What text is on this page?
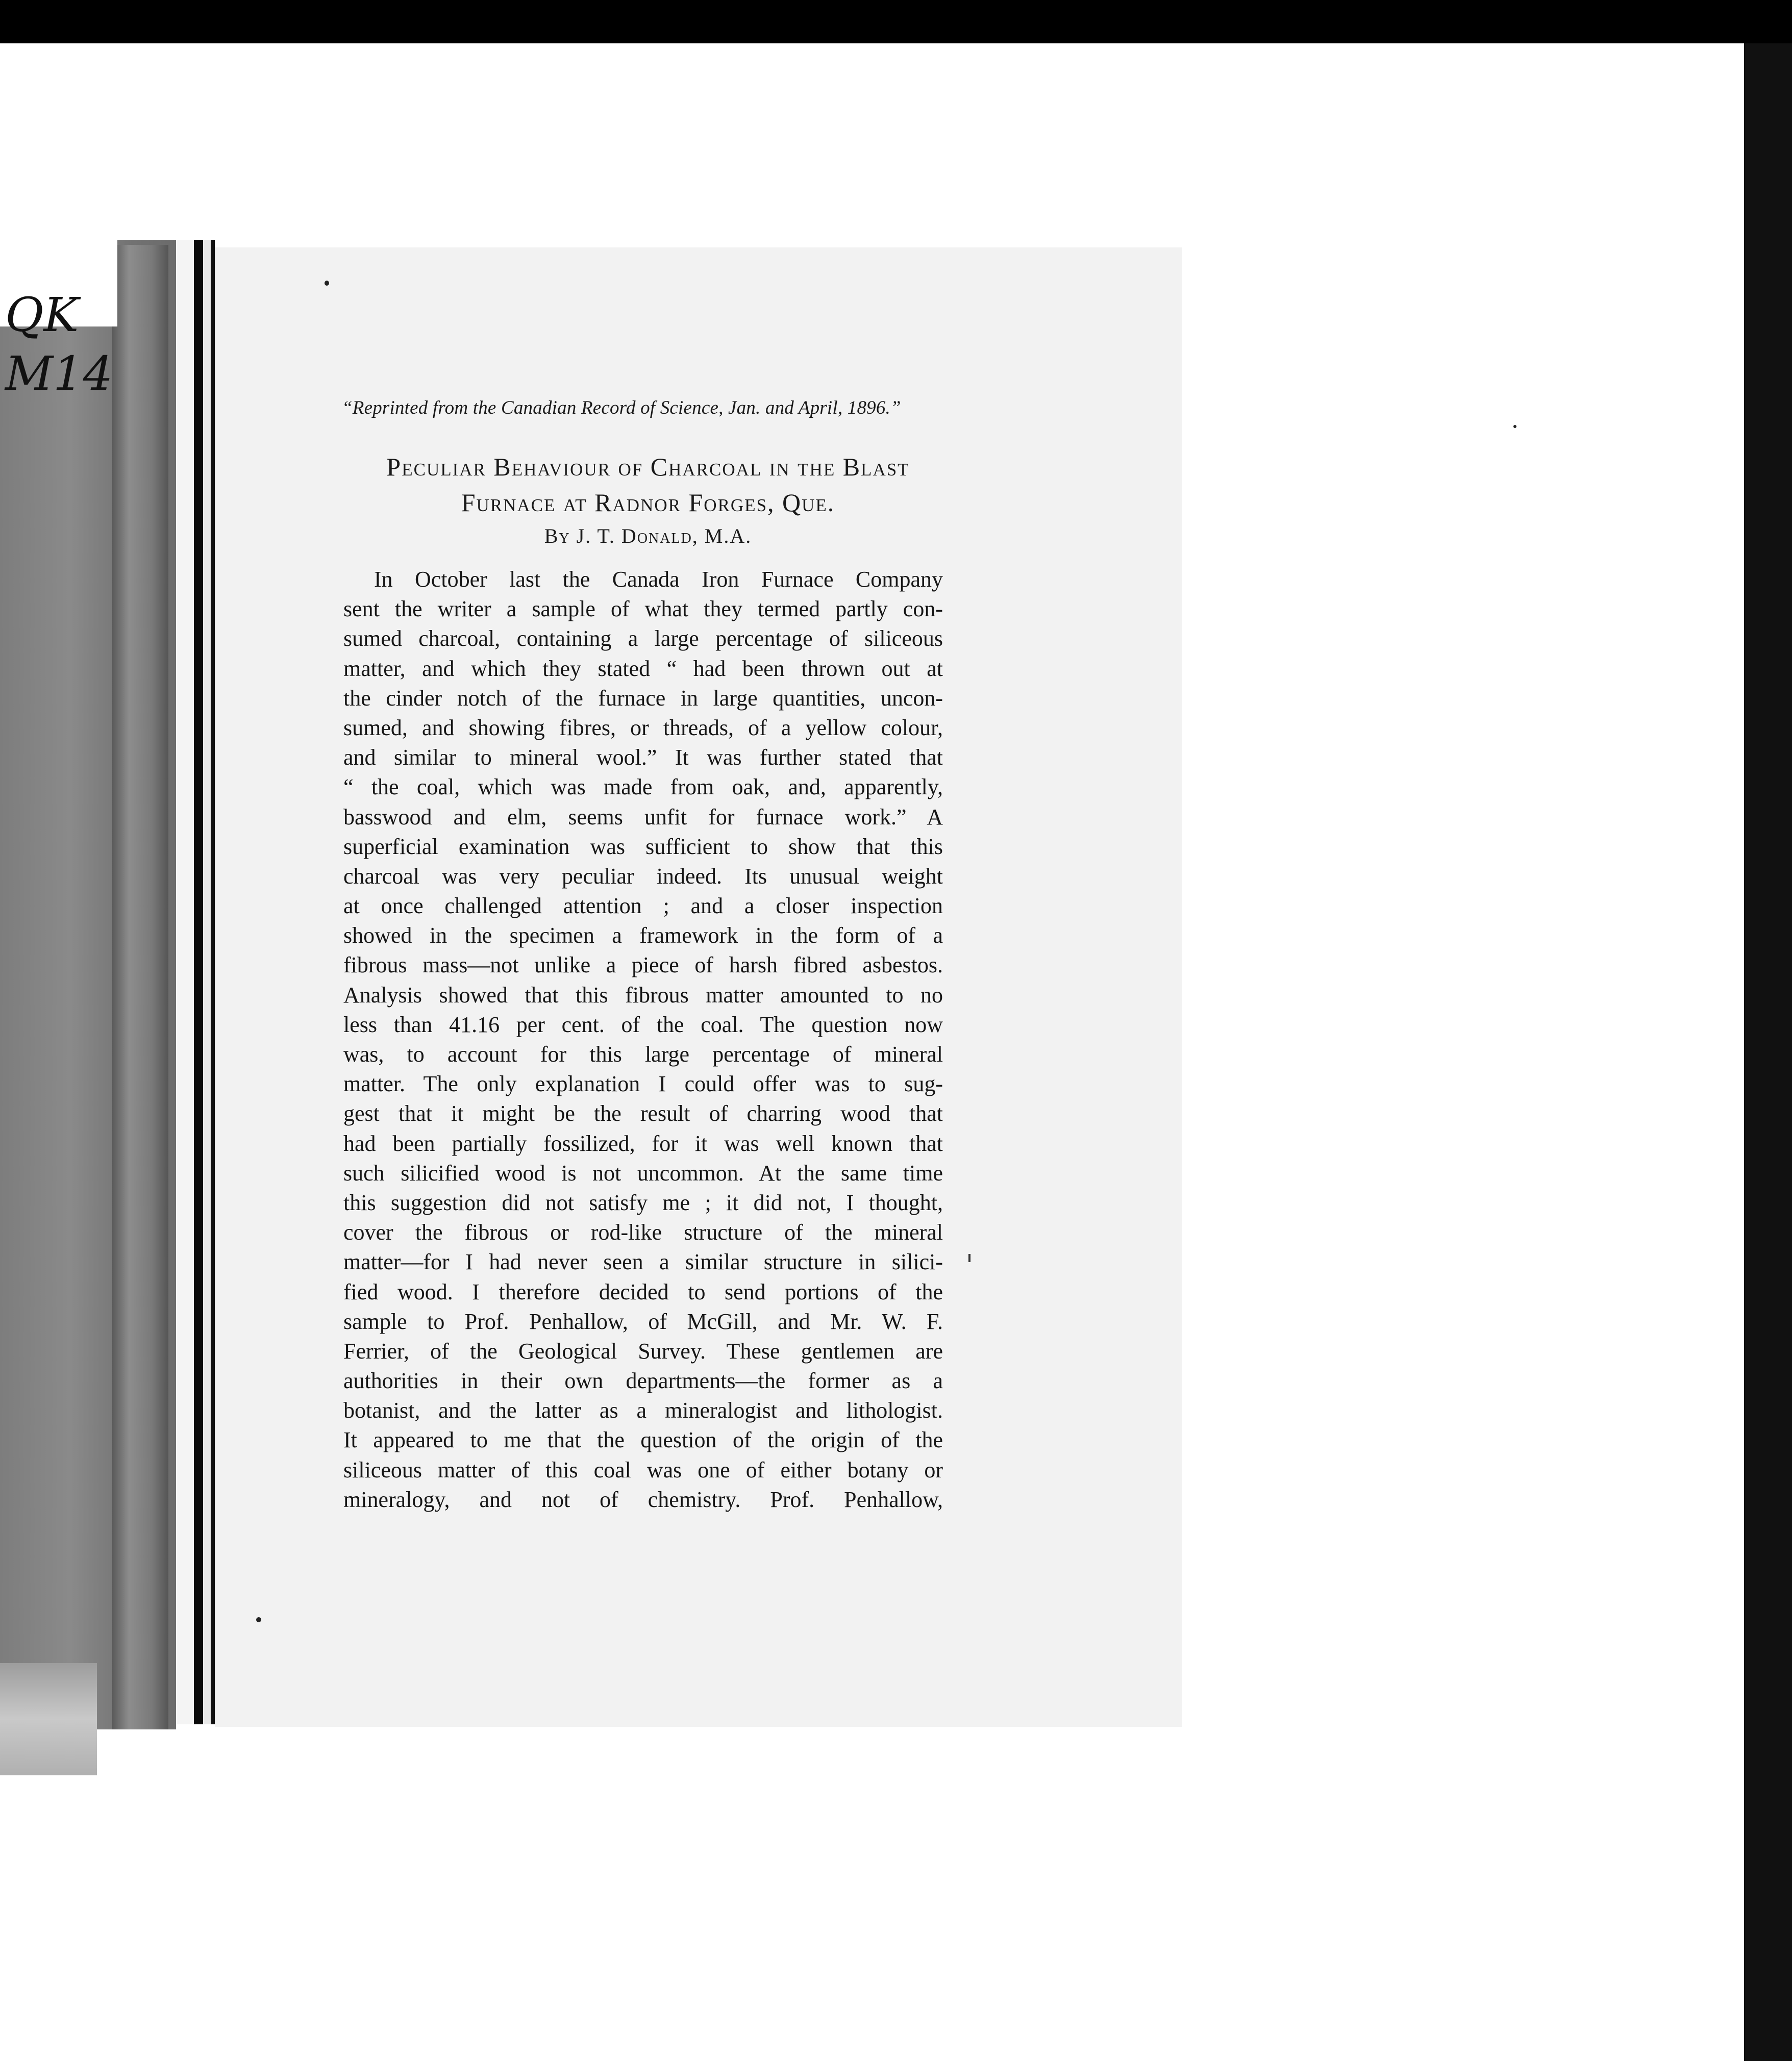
QK
M14
“Reprinted from the Canadian Record of Science, Jan. and April, 1896.”
Peculiar Behaviour of Charcoal in the Blast
Furnace at Radnor Forges, Que.
By J. T. Donald, M.A.
In October last the Canada Iron Furnace Company
sent the writer a sample of what they termed partly con-
sumed charcoal, containing a large percentage of siliceous
matter, and which they stated “ had been thrown out at
the cinder notch of the furnace in large quantities, uncon-
sumed, and showing fibres, or threads, of a yellow colour,
and similar to mineral wool.” It was further stated that
“ the coal, which was made from oak, and, apparently,
basswood and elm, seems unfit for furnace work.” A
superficial examination was sufficient to show that this
charcoal was very peculiar indeed. Its unusual weight
at once challenged attention ; and a closer inspection
showed in the specimen a framework in the form of a
fibrous mass—not unlike a piece of harsh fibred asbestos.
Analysis showed that this fibrous matter amounted to no
less than 41.16 per cent. of the coal. The question now
was, to account for this large percentage of mineral
matter. The only explanation I could offer was to sug-
gest that it might be the result of charring wood that
had been partially fossilized, for it was well known that
such silicified wood is not uncommon. At the same time
this suggestion did not satisfy me ; it did not, I thought,
cover the fibrous or rod-like structure of the mineral
matter—for I had never seen a similar structure in silici-
fied wood. I therefore decided to send portions of the
sample to Prof. Penhallow, of McGill, and Mr. W. F.
Ferrier, of the Geological Survey. These gentlemen are
authorities in their own departments—the former as a
botanist, and the latter as a mineralogist and lithologist.
It appeared to me that the question of the origin of the
siliceous matter of this coal was one of either botany or
mineralogy, and not of chemistry. Prof. Penhallow,
